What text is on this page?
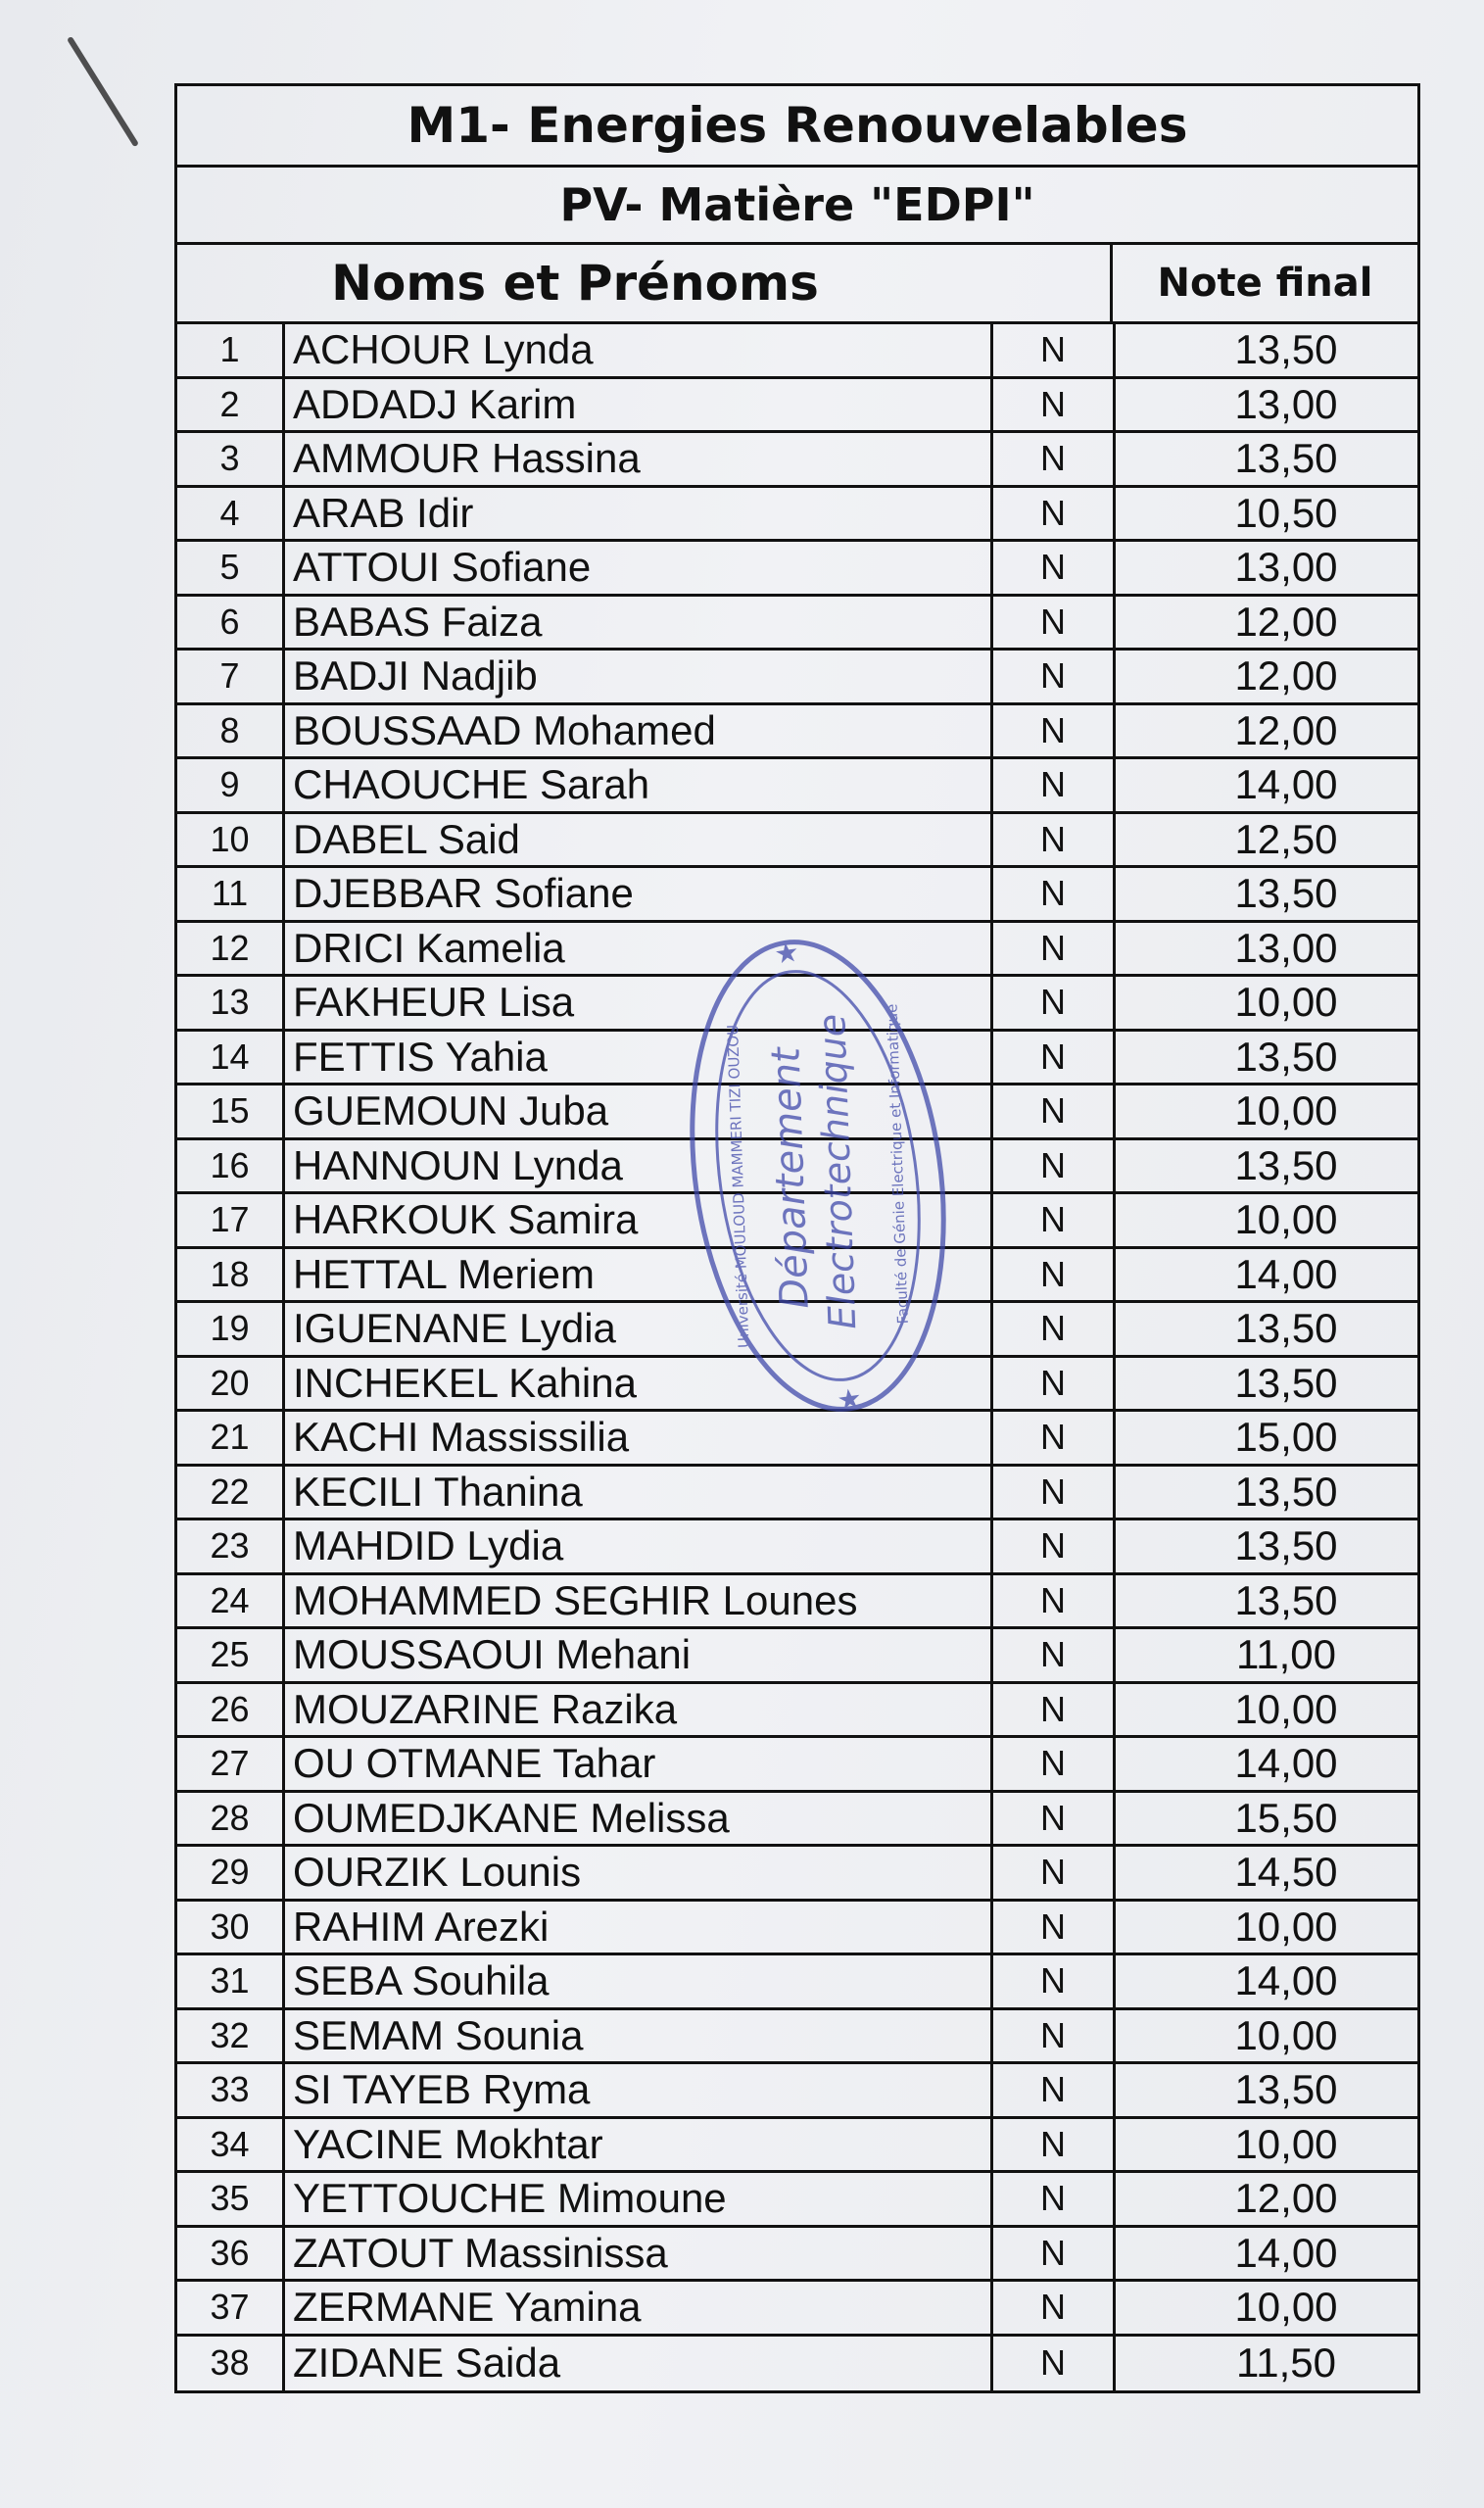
M1- Energies Renouvelables
PV- Matière "EDPI"
Noms et Prénoms	Note final
1	ACHOUR Lynda	N	13,50
2	ADDADJ Karim	N	13,00
3	AMMOUR Hassina	N	13,50
4	ARAB Idir	N	10,50
5	ATTOUI Sofiane	N	13,00
6	BABAS Faiza	N	12,00
7	BADJI Nadjib	N	12,00
8	BOUSSAAD Mohamed	N	12,00
9	CHAOUCHE Sarah	N	14,00
10	DABEL Said	N	12,50
11	DJEBBAR Sofiane	N	13,50
12	DRICI Kamelia	N	13,00
13	FAKHEUR Lisa	N	10,00
14	FETTIS Yahia	N	13,50
15	GUEMOUN Juba	N	10,00
16	HANNOUN Lynda	N	13,50
17	HARKOUK Samira	N	10,00
18	HETTAL Meriem	N	14,00
19	IGUENANE Lydia	N	13,50
20	INCHEKEL Kahina	N	13,50
21	KACHI Massissilia	N	15,00
22	KECILI Thanina	N	13,50
23	MAHDID Lydia	N	13,50
24	MOHAMMED SEGHIR Lounes	N	13,50
25	MOUSSAOUI Mehani	N	11,00
26	MOUZARINE Razika	N	10,00
27	OU OTMANE Tahar	N	14,00
28	OUMEDJKANE Melissa	N	15,50
29	OURZIK Lounis	N	14,50
30	RAHIM Arezki	N	10,00
31	SEBA Souhila	N	14,00
32	SEMAM Sounia	N	10,00
33	SI TAYEB Ryma	N	13,50
34	YACINE Mokhtar	N	10,00
35	YETTOUCHE Mimoune	N	12,00
36	ZATOUT Massinissa	N	14,00
37	ZERMANE Yamina	N	10,00
38	ZIDANE Saida	N	11,50
★
★
Département
Electrotechnique
Université MOULOUD MAMMERI TIZI OUZOU	Faculté de Génie Electrique et Informatique
